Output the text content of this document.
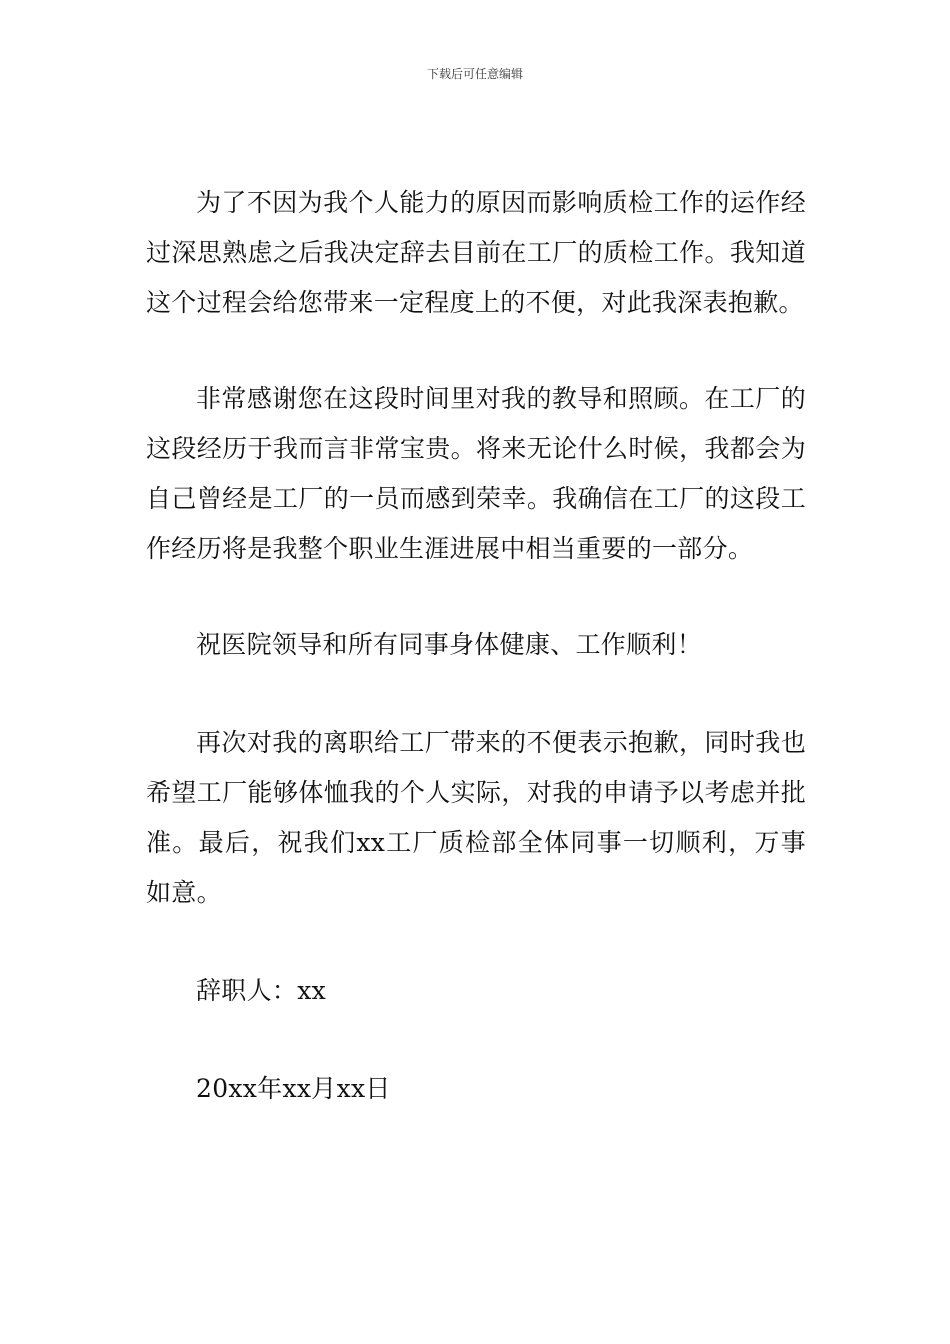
下载后可任意编辑

为了不因为我个人能力的原因而影响质检工作的运作经过深思熟虑之后我决定辞去目前在工厂的质检工作。我知道这个过程会给您带来一定程度上的不便，对此我深表抱歉。

非常感谢您在这段时间里对我的教导和照顾。在工厂的这段经历于我而言非常宝贵。将来无论什么时候，我都会为自己曾经是工厂的一员而感到荣幸。我确信在工厂的这段工作经历将是我整个职业生涯进展中相当重要的一部分。

祝医院领导和所有同事身体健康、工作顺利！

再次对我的离职给工厂带来的不便表示抱歉，同时我也希望工厂能够体恤我的个人实际，对我的申请予以考虑并批准。最后，祝我们xx工厂质检部全体同事一切顺利，万事如意。

辞职人：xx

20xx年xx月xx日
